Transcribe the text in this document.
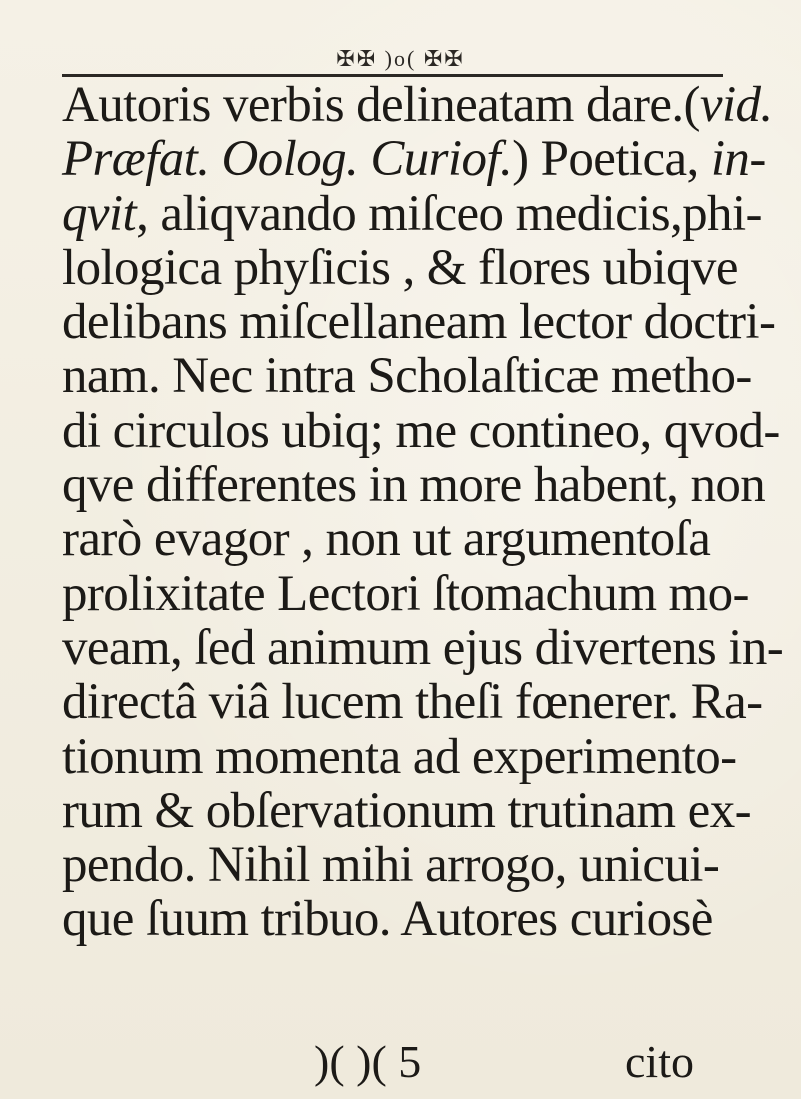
✠✠ )o( ✠✠
Autoris verbis delineatam dare.(vid.
Præfat. Oolog. Curiof.) Poetica, in-
qvit, aliqvando miſceo medicis,phi-
lologica phyſicis , & flores ubiqve
delibans miſcellaneam lector doctri-
nam. Nec intra Scholaſticæ metho-
di circulos ubiq; me contineo, qvod-
qve differentes in more habent, non
rarò evagor , non ut argumentoſa
prolixitate Lectori ſtomachum mo-
veam, ſed animum ejus divertens in-
directâ viâ lucem theſi fœnerer. Ra-
tionum momenta ad experimento-
rum & obſervationum trutinam ex-
pendo. Nihil mihi arrogo, unicui-
que ſuum tribuo. Autores curiosè
)( )( 5	cito
